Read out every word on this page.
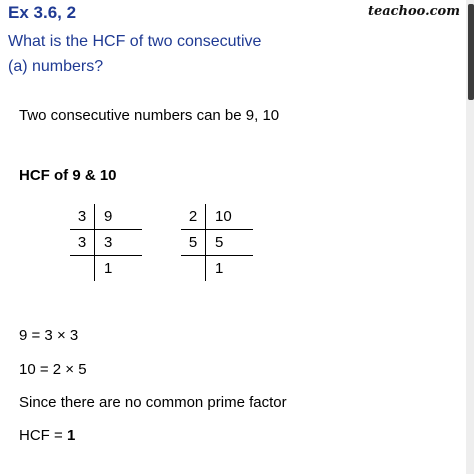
Ex 3.6, 2
What is the HCF of two consecutive
(a) numbers?
teachoo.com
Two consecutive numbers can be 9, 10
HCF of 9 & 10
3	9
3	3
	1
2	10
5	5
	1
9 = 3 × 3
10 = 2 × 5
Since there are no common prime factor
HCF = 1
